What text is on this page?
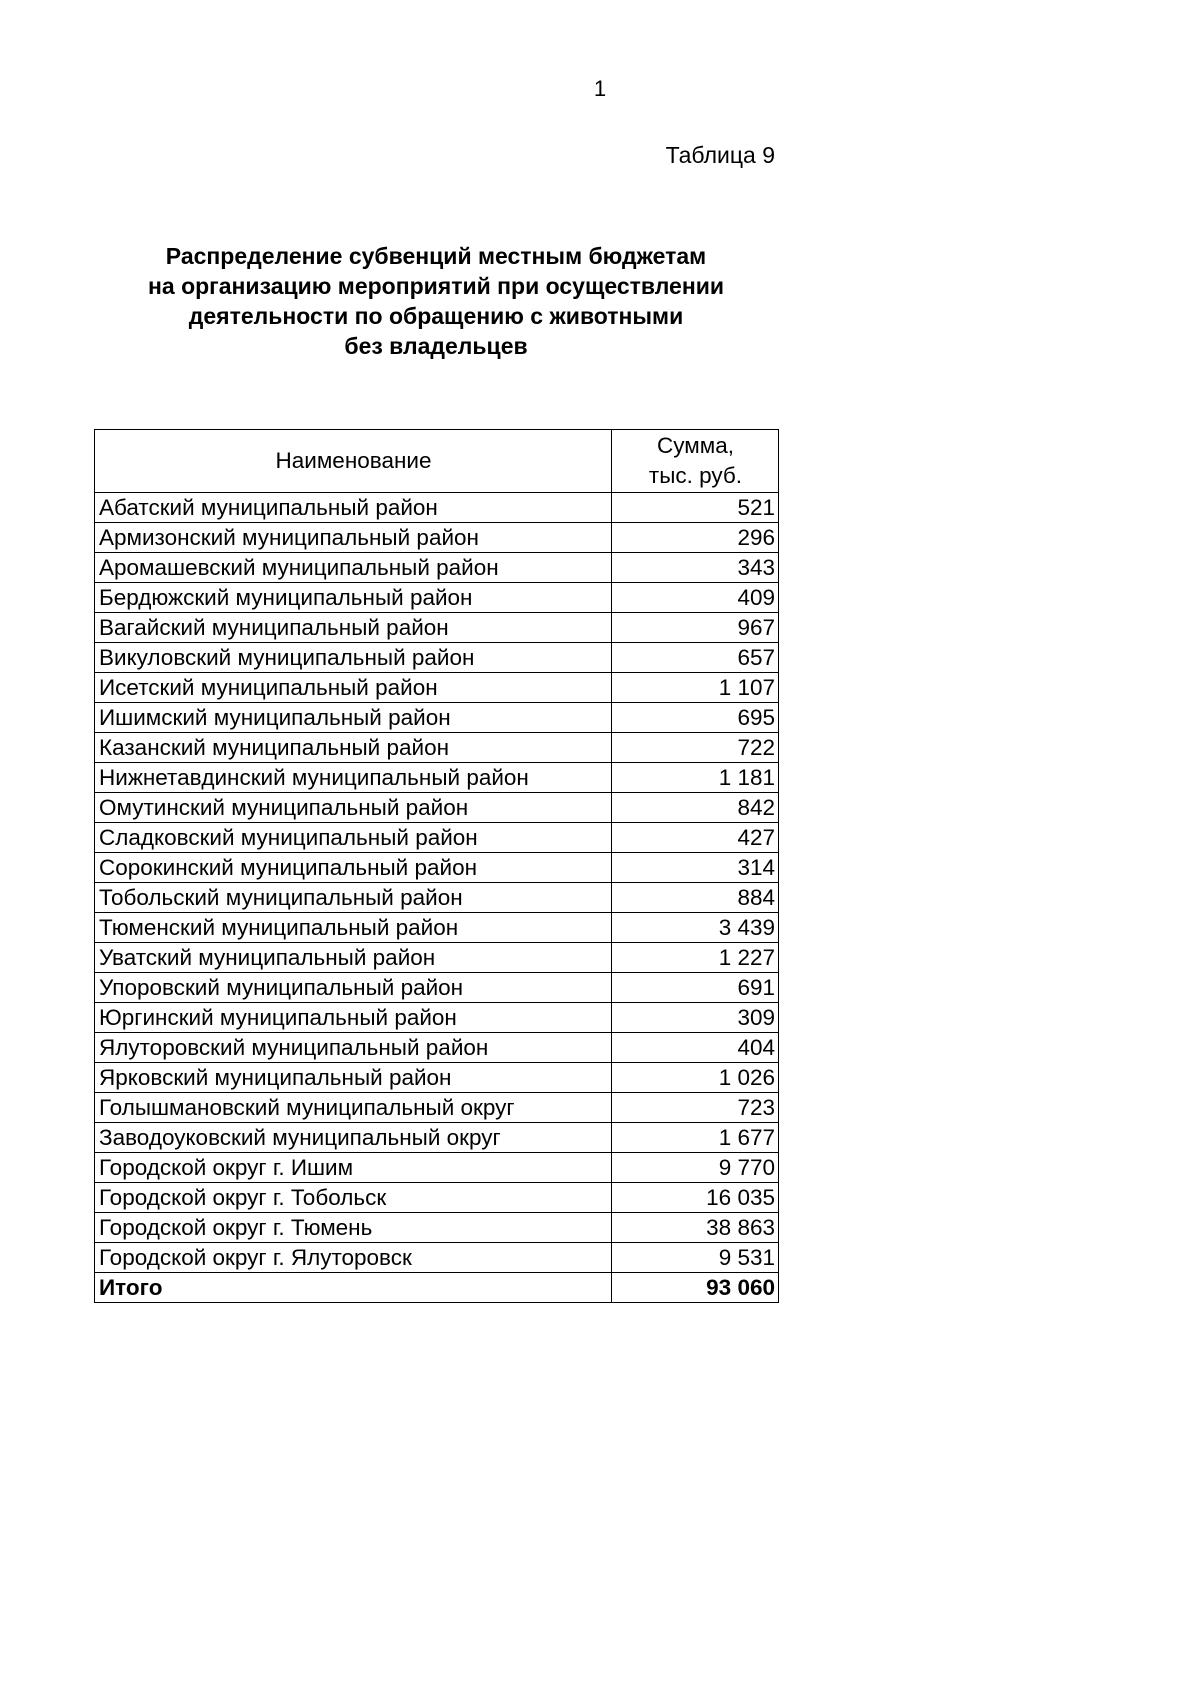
1
Таблица 9
Распределение субвенций местным бюджетам
на организацию мероприятий при осуществлении
деятельности по обращению с животными
без владельцев
Наименование	Сумма,
тыс. руб.

Абатский муниципальный район	521
Армизонский муниципальный район	296
Аромашевский муниципальный район	343
Бердюжский муниципальный район	409
Вагайский муниципальный район	967
Викуловский муниципальный район	657
Исетский муниципальный район	1 107
Ишимский муниципальный район	695
Казанский муниципальный район	722
Нижнетавдинский муниципальный район	1 181
Омутинский муниципальный район	842
Сладковский муниципальный район	427
Сорокинский муниципальный район	314
Тобольский муниципальный район	884
Тюменский муниципальный район	3 439
Уватский муниципальный район	1 227
Упоровский муниципальный район	691
Юргинский муниципальный район	309
Ялуторовский муниципальный район	404
Ярковский муниципальный район	1 026
Голышмановский муниципальный округ	723
Заводоуковский муниципальный округ	1 677
Городской округ г. Ишим	9 770
Городской округ г. Тобольск	16 035
Городской округ г. Тюмень	38 863
Городской округ г. Ялуторовск	9 531
Итого	93 060
